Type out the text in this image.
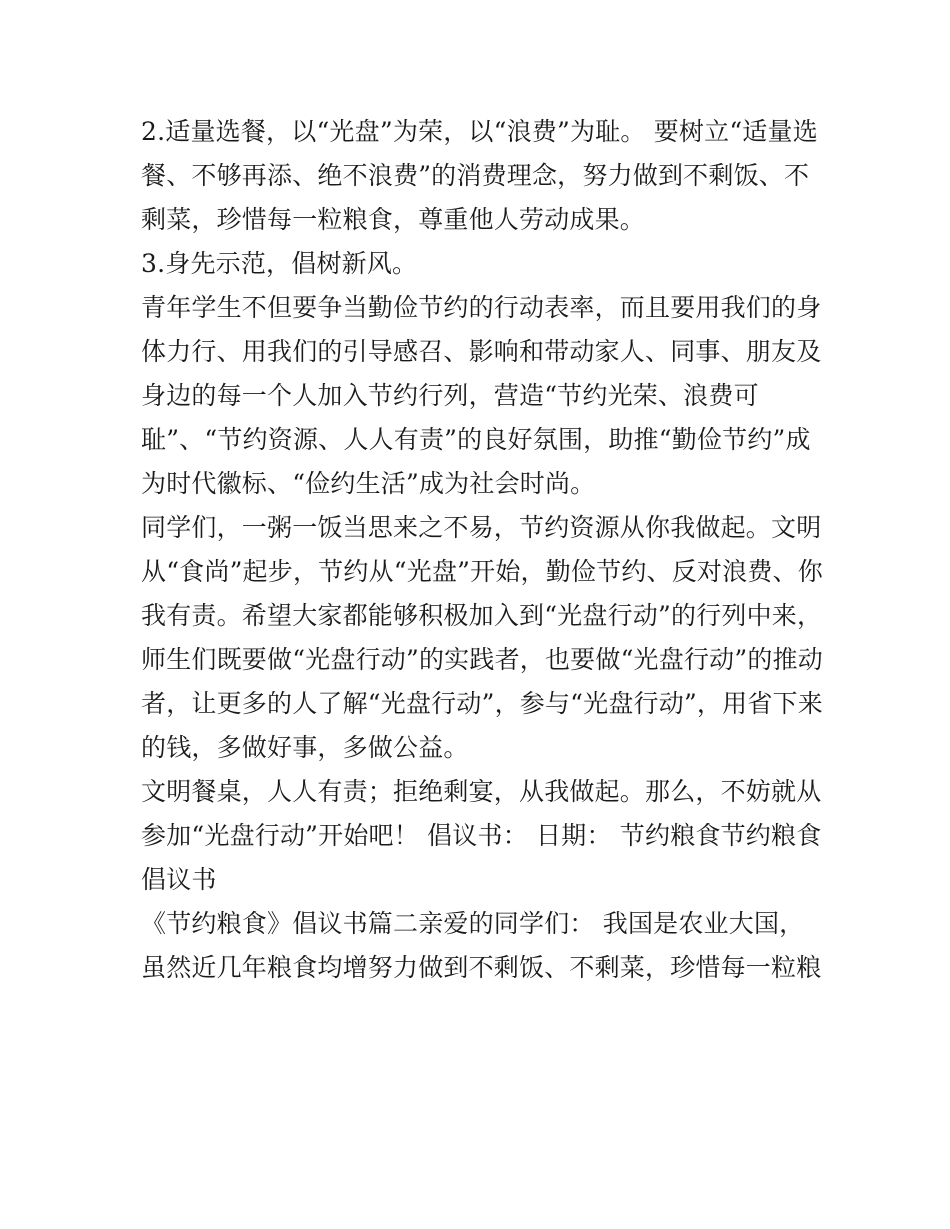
2.适量选餐，以“光盘”为荣，以“浪费”为耻。 要树立“适量选
餐、不够再添、绝不浪费”的消费理念，努力做到不剩饭、不
剩菜，珍惜每一粒粮食，尊重他人劳动成果。
3.身先示范，倡树新风。
青年学生不但要争当勤俭节约的行动表率，而且要用我们的身
体力行、用我们的引导感召、影响和带动家人、同事、朋友及
身边的每一个人加入节约行列，营造“节约光荣、浪费可
耻”、“节约资源、人人有责”的良好氛围，助推“勤俭节约”成
为时代徽标、“俭约生活”成为社会时尚。
同学们，一粥一饭当思来之不易，节约资源从你我做起。文明
从“食尚”起步，节约从“光盘”开始，勤俭节约、反对浪费、你
我有责。希望大家都能够积极加入到“光盘行动”的行列中来，
师生们既要做“光盘行动”的实践者，也要做“光盘行动”的推动
者，让更多的人了解“光盘行动”，参与“光盘行动”，用省下来
的钱，多做好事，多做公益。
文明餐桌，人人有责；拒绝剩宴，从我做起。那么，不妨就从
参加“光盘行动”开始吧！ 倡议书： 日期： 节约粮食节约粮食
倡议书
《节约粮食》倡议书篇二亲爱的同学们： 我国是农业大国，
虽然近几年粮食均增努力做到不剩饭、不剩菜，珍惜每一粒粮
